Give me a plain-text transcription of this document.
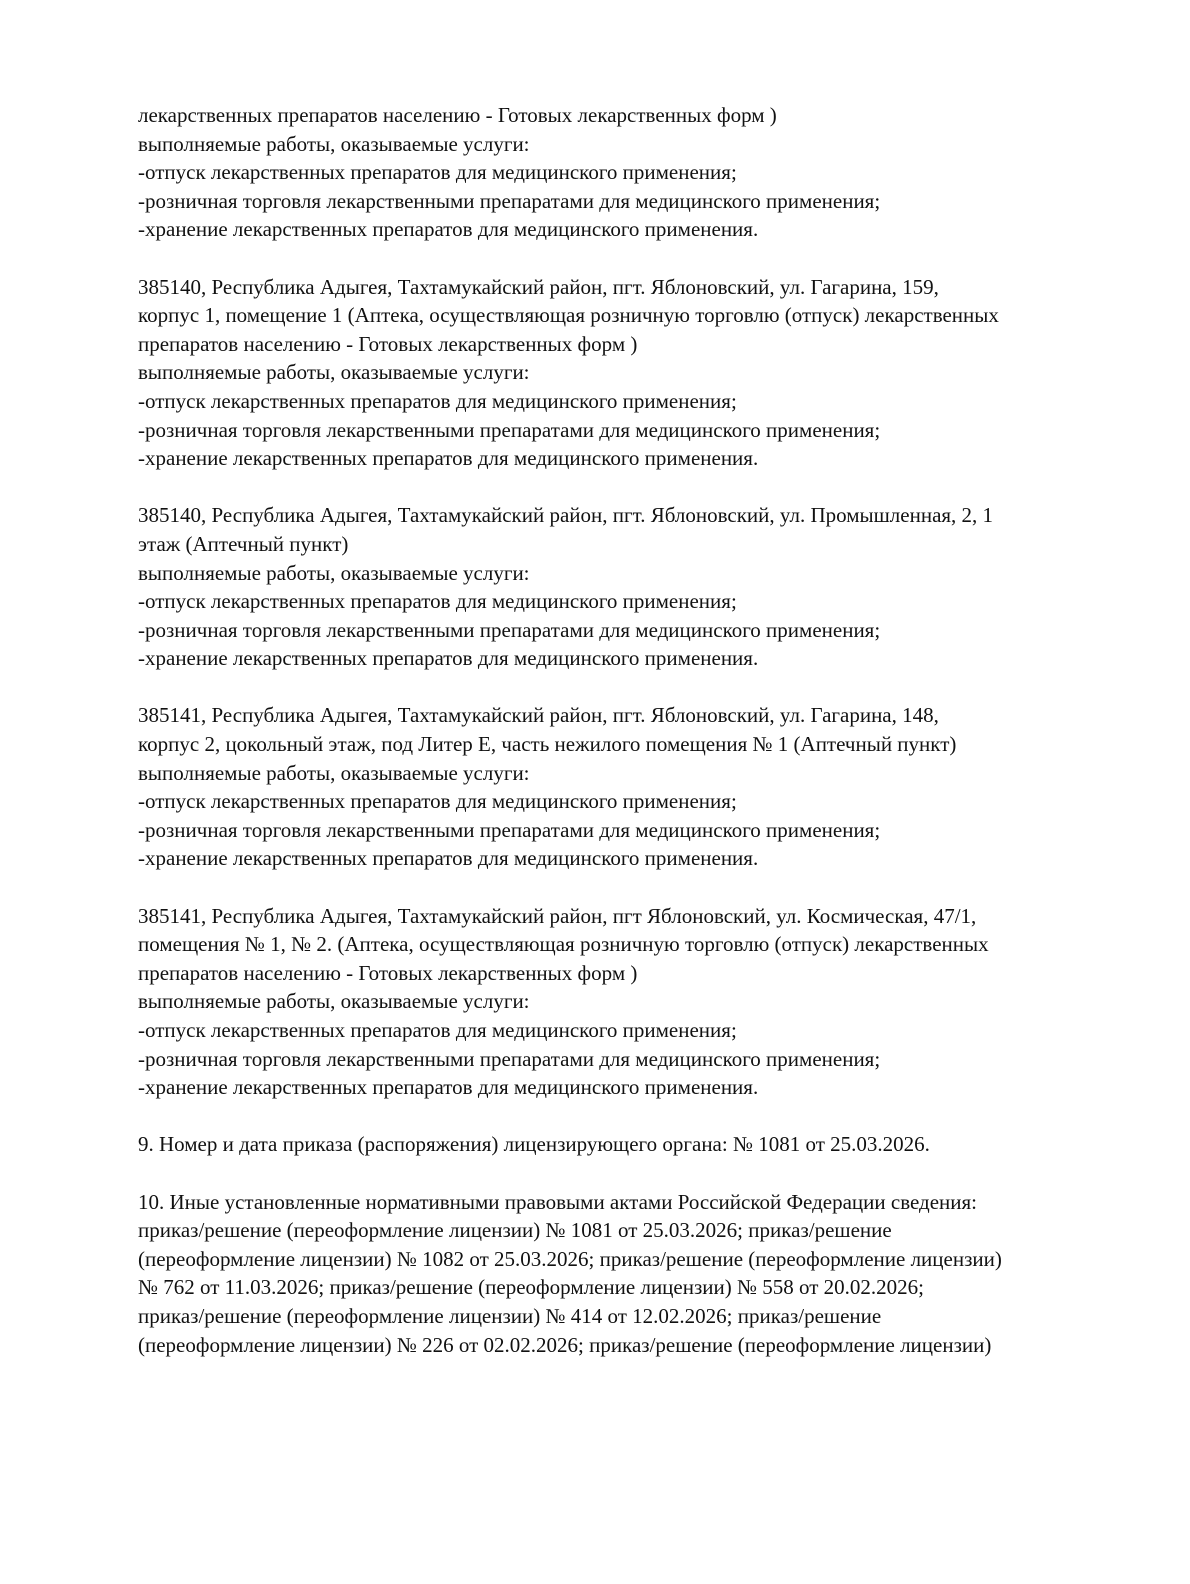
лекарственных препаратов населению - Готовых лекарственных форм )
выполняемые работы, оказываемые услуги:
-отпуск лекарственных препаратов для медицинского применения;
-розничная торговля лекарственными препаратами для медицинского применения;
-хранение лекарственных препаратов для медицинского применения.
385140, Республика Адыгея, Тахтамукайский район, пгт. Яблоновский, ул. Гагарина, 159,
корпус 1, помещение 1 (Аптека, осуществляющая розничную торговлю (отпуск) лекарственных
препаратов населению - Готовых лекарственных форм )
выполняемые работы, оказываемые услуги:
-отпуск лекарственных препаратов для медицинского применения;
-розничная торговля лекарственными препаратами для медицинского применения;
-хранение лекарственных препаратов для медицинского применения.
385140, Республика Адыгея, Тахтамукайский район, пгт. Яблоновский, ул. Промышленная, 2, 1
этаж (Аптечный пункт)
выполняемые работы, оказываемые услуги:
-отпуск лекарственных препаратов для медицинского применения;
-розничная торговля лекарственными препаратами для медицинского применения;
-хранение лекарственных препаратов для медицинского применения.
385141, Республика Адыгея, Тахтамукайский район, пгт. Яблоновский, ул. Гагарина, 148,
корпус 2, цокольный этаж, под Литер Е, часть нежилого помещения № 1 (Аптечный пункт)
выполняемые работы, оказываемые услуги:
-отпуск лекарственных препаратов для медицинского применения;
-розничная торговля лекарственными препаратами для медицинского применения;
-хранение лекарственных препаратов для медицинского применения.
385141, Республика Адыгея, Тахтамукайский район, пгт Яблоновский, ул. Космическая, 47/1,
помещения № 1, № 2. (Аптека, осуществляющая розничную торговлю (отпуск) лекарственных
препаратов населению - Готовых лекарственных форм )
выполняемые работы, оказываемые услуги:
-отпуск лекарственных препаратов для медицинского применения;
-розничная торговля лекарственными препаратами для медицинского применения;
-хранение лекарственных препаратов для медицинского применения.
9. Номер и дата приказа (распоряжения) лицензирующего органа: № 1081 от 25.03.2026.
10. Иные установленные нормативными правовыми актами Российской Федерации сведения:
приказ/решение (переоформление лицензии) № 1081 от 25.03.2026; приказ/решение
(переоформление лицензии) № 1082 от 25.03.2026; приказ/решение (переоформление лицензии)
№ 762 от 11.03.2026; приказ/решение (переоформление лицензии) № 558 от 20.02.2026;
приказ/решение (переоформление лицензии) № 414 от 12.02.2026; приказ/решение
(переоформление лицензии) № 226 от 02.02.2026; приказ/решение (переоформление лицензии)
